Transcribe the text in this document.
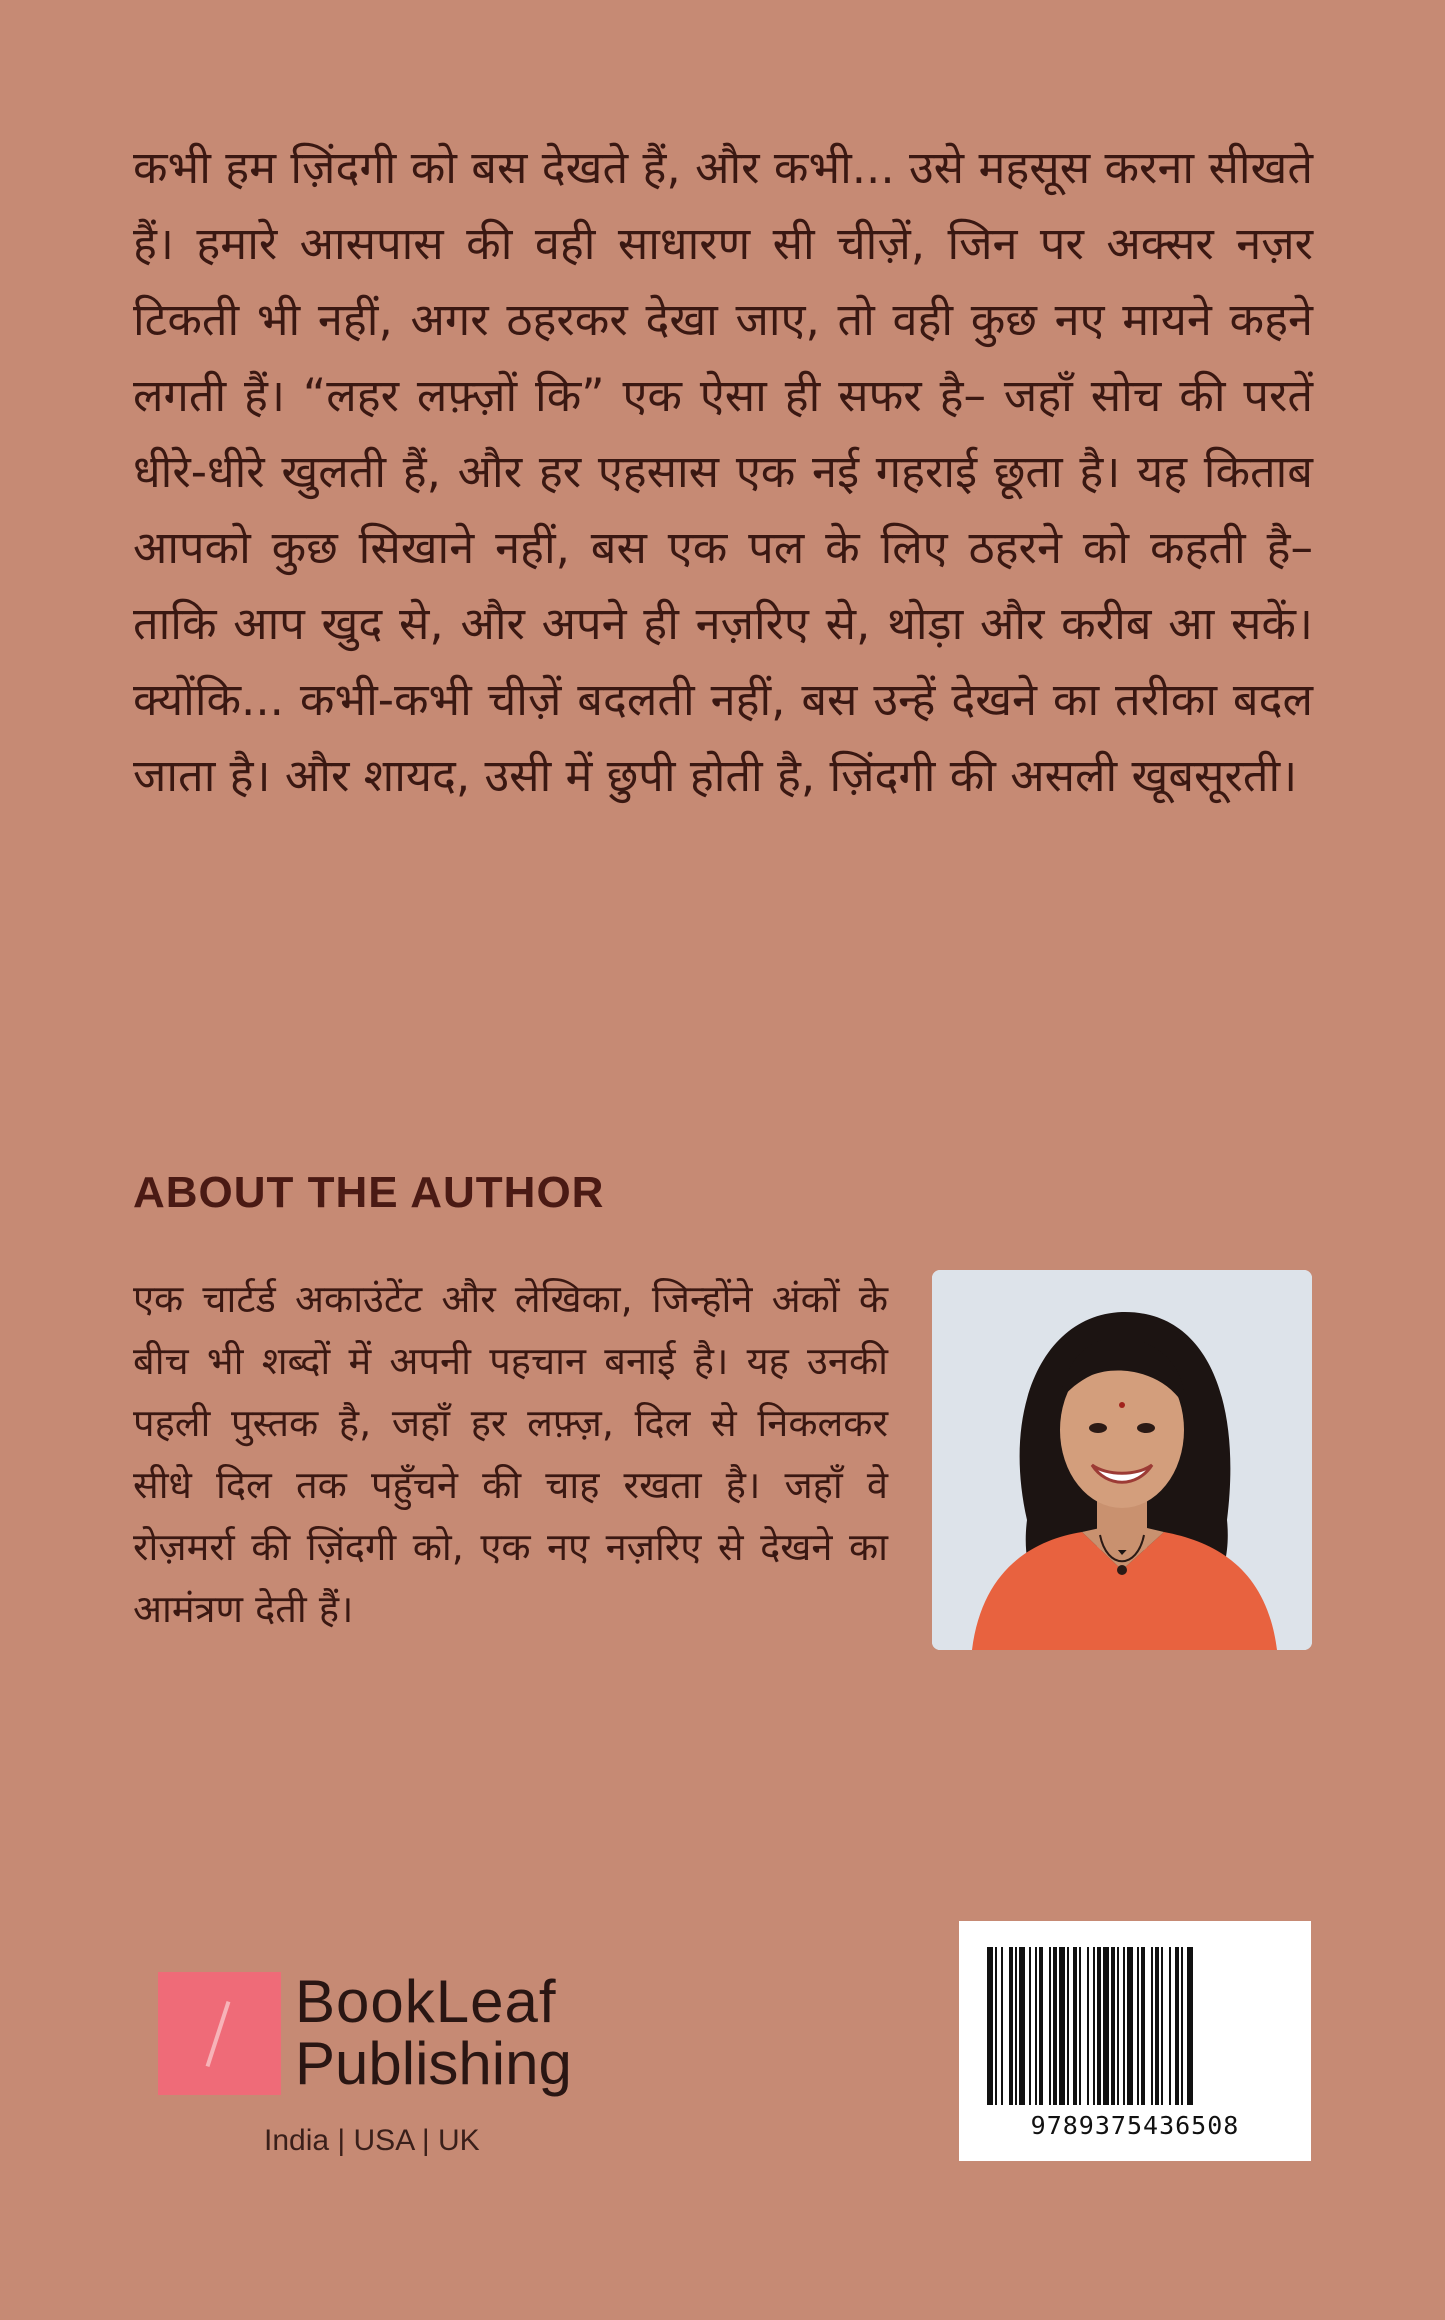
कभी हम ज़िंदगी को बस देखते हैं, और कभी... उसे महसूस करना सीखते हैं। हमारे आसपास की वही साधारण सी चीज़ें, जिन पर अक्सर नज़र टिकती भी नहीं, अगर ठहरकर देखा जाए, तो वही कुछ नए मायने कहने लगती हैं। “लहर लफ़्ज़ों कि” एक ऐसा ही सफर है– जहाँ सोच की परतें धीरे-धीरे खुलती हैं, और हर एहसास एक नई गहराई छूता है। यह किताब आपको कुछ सिखाने नहीं, बस एक पल के लिए ठहरने को कहती है– ताकि आप खुद से, और अपने ही नज़रिए से, थोड़ा और करीब आ सकें। क्योंकि... कभी-कभी चीज़ें बदलती नहीं, बस उन्हें देखने का तरीका बदल जाता है। और शायद, उसी में छुपी होती है, ज़िंदगी की असली खूबसूरती।
ABOUT THE AUTHOR
एक चार्टर्ड अकाउंटेंट और लेखिका, जिन्होंने अंकों के बीच भी शब्दों में अपनी पहचान बनाई है। यह उनकी पहली पुस्तक है, जहाँ हर लफ़्ज़, दिल से निकलकर सीधे दिल तक पहुँचने की चाह रखता है। जहाँ वे रोज़मर्रा की ज़िंदगी को, एक नए नज़रिए से देखने का आमंत्रण देती हैं।
BookLeaf
Publishing
India | USA | UK	9789375436508
